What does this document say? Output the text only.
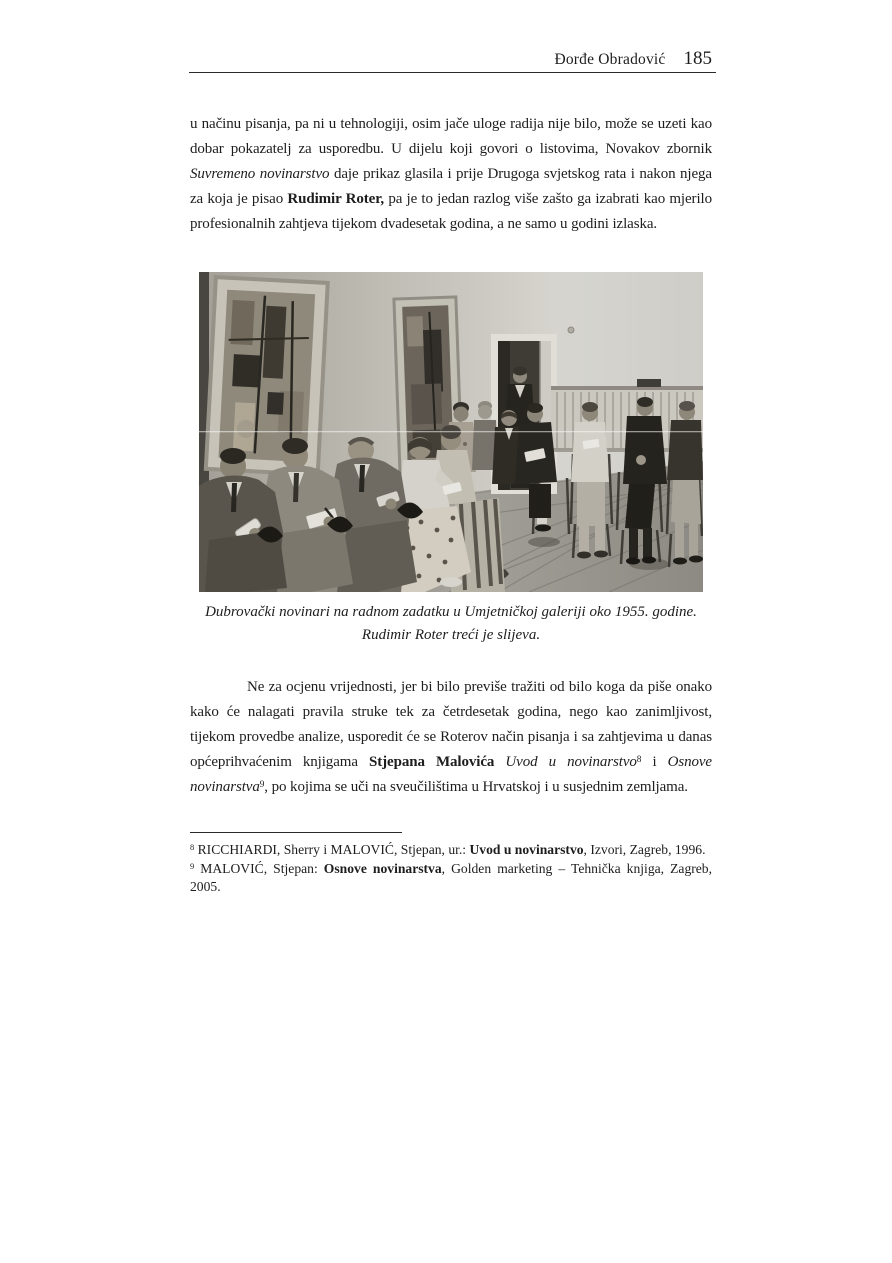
Đorđe Obradović 185

u načinu pisanja, pa ni u tehnologiji, osim jače uloge radija nije bilo, može se uzeti kao dobar pokazatelj za usporedbu. U dijelu koji govori o listovima, Novakov zbornik Suvremeno novinarstvo daje prikaz glasila i prije Drugoga svjetskog rata i nakon njega za koja je pisao Rudimir Roter, pa je to jedan razlog više zašto ga izabrati kao mjerilo profesionalnih zahtjeva tijekom dvadesetak godina, a ne samo u godini izlaska.

Dubrovački novinari na radnom zadatku u Umjetničkoj galeriji oko 1955. godine.
Rudimir Roter treći je slijeva.

Ne za ocjenu vrijednosti, jer bi bilo previše tražiti od bilo koga da piše onako kako će nalagati pravila struke tek za četrdesetak godina, nego kao zanimljivost, tijekom provedbe analize, usporedit će se Roterov način pisanja i sa zahtjevima u danas općeprihvaćenim knjigama Stjepana Malovića Uvod u novinarstvo$^8$ i Osnove novinarstva$^9$, po kojima se uči na sveučilištima u Hrvatskoj i u susjednim zemljama.

$^8$ RICCHIARDI, Sherry i MALOVIĆ, Stjepan, ur.: Uvod u novinarstvo, Izvori, Zagreb, 1996.

$^9$ MALOVIĆ, Stjepan: Osnove novinarstva, Golden marketing – Tehnička knjiga, Zagreb, 2005.
